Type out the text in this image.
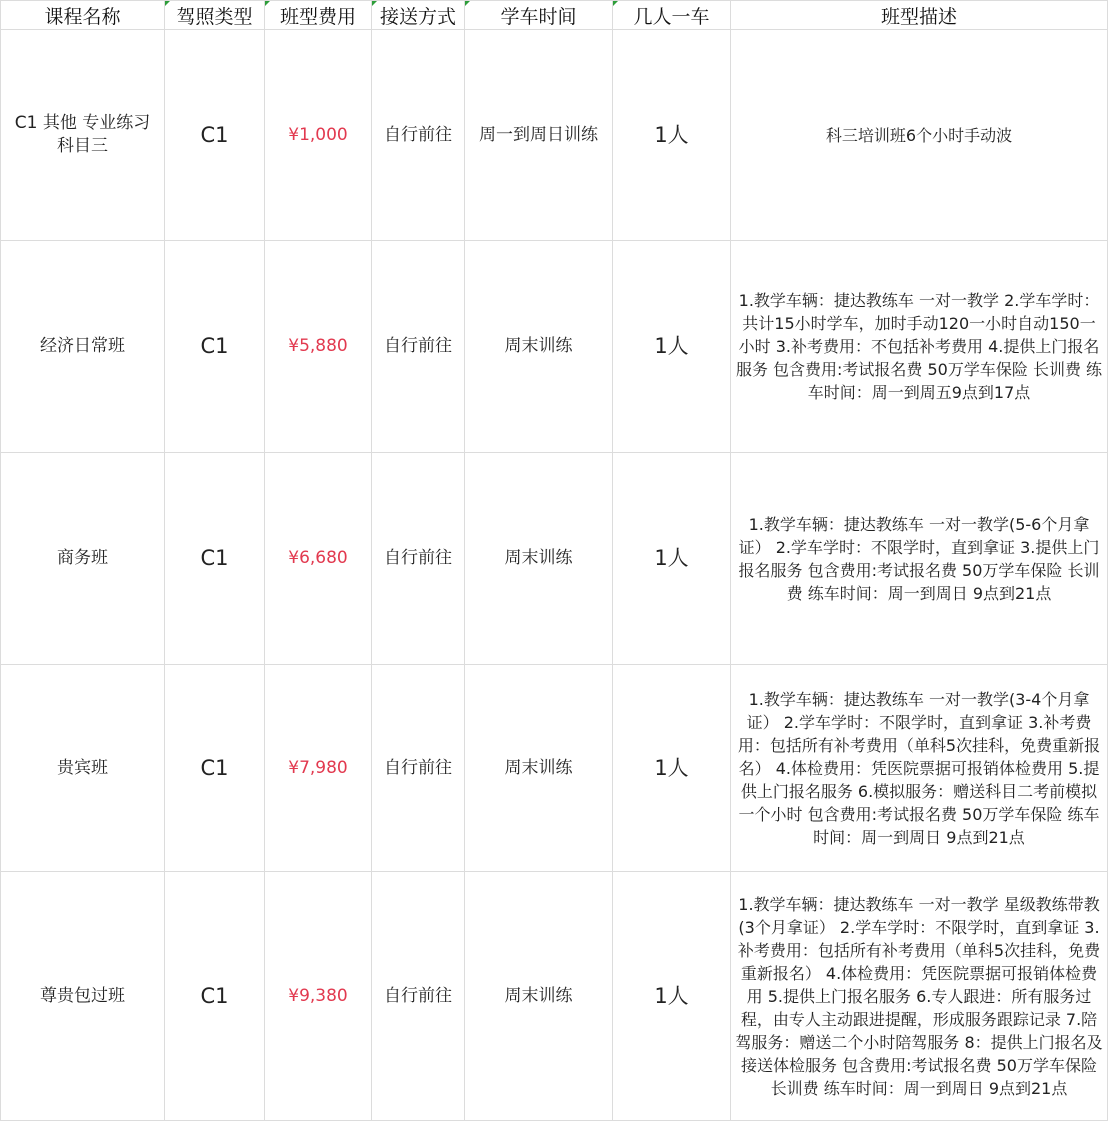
课程名称	驾照类型	班型费用	接送方式	学车时间	几人一车	班型描述
C1 其他 专业练习科目三	C1	¥1,000	自行前往	周一到周日训练	1人	科三培训班6个小时手动波
经济日常班	C1	¥5,880	自行前往	周末训练	1人	1.教学车辆：捷达教练车 一对一教学 2.学车学时：共计15小时学车，加时手动120一小时自动150一小时 3.补考费用：不包括补考费用 4.提供上门报名服务 包含费用:考试报名费 50万学车保险 长训费 练车时间：周一到周五9点到17点
商务班	C1	¥6,680	自行前往	周末训练	1人	1.教学车辆：捷达教练车 一对一教学(5-6个月拿证） 2.学车学时：不限学时，直到拿证 3.提供上门报名服务 包含费用:考试报名费 50万学车保险 长训费 练车时间：周一到周日 9点到21点
贵宾班	C1	¥7,980	自行前往	周末训练	1人	1.教学车辆：捷达教练车 一对一教学(3-4个月拿证） 2.学车学时：不限学时，直到拿证 3.补考费用：包括所有补考费用（单科5次挂科，免费重新报名） 4.体检费用：凭医院票据可报销体检费用 5.提供上门报名服务 6.模拟服务：赠送科目二考前模拟一个小时 包含费用:考试报名费 50万学车保险 练车时间：周一到周日 9点到21点
尊贵包过班	C1	¥9,380	自行前往	周末训练	1人	1.教学车辆：捷达教练车 一对一教学 星级教练带教(3个月拿证） 2.学车学时：不限学时，直到拿证 3.补考费用：包括所有补考费用（单科5次挂科，免费重新报名） 4.体检费用：凭医院票据可报销体检费用 5.提供上门报名服务 6.专人跟进：所有服务过程，由专人主动跟进提醒，形成服务跟踪记录 7.陪驾服务：赠送二个小时陪驾服务 8：提供上门报名及接送体检服务 包含费用:考试报名费 50万学车保险 长训费 练车时间：周一到周日 9点到21点
